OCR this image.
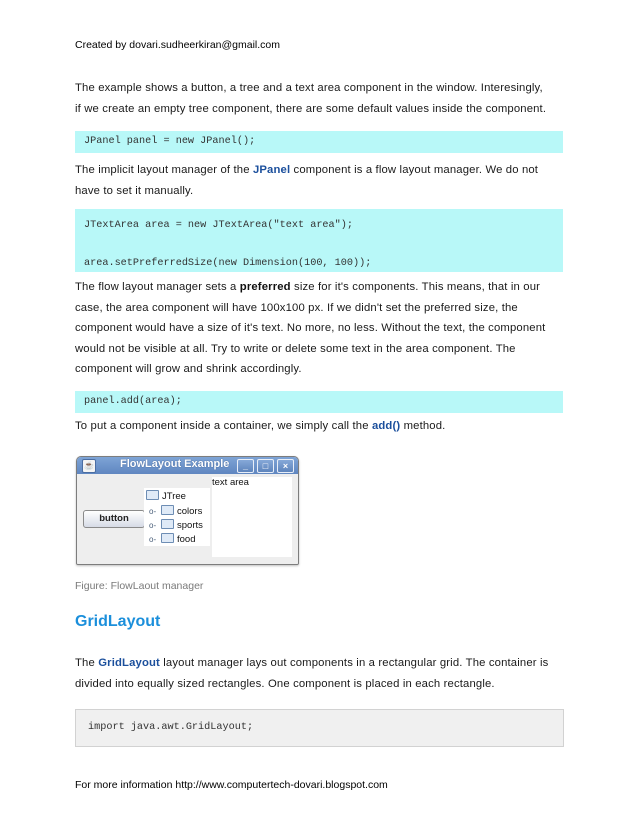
Created by dovari.sudheerkiran@gmail.com
The example shows a button, a tree and a text area component in the window. Interesingly,
if we create an empty tree component, there are some default values inside the component.
JPanel panel = new JPanel();
The implicit layout manager of the JPanel component is a flow layout manager. We do not
have to set it manually.
JTextArea area = new JTextArea("text area");
area.setPreferredSize(new Dimension(100, 100));
The flow layout manager sets a preferred size for it's components. This means, that in our
case, the area component will have 100x100 px. If we didn't set the preferred size, the
component would have a size of it's text. No more, no less. Without the text, the component
would not be visible at all. Try to write or delete some text in the area component. The
component will grow and shrink accordingly.
panel.add(area);
To put a component inside a container, we simply call the add() method.
☕ FlowLayout Example	_	□	×
button
JTree
o- colors
o- sports
o- food
text area
Figure: FlowLaout manager
GridLayout
The GridLayout layout manager lays out components in a rectangular grid. The container is
divided into equally sized rectangles. One component is placed in each rectangle.
import java.awt.GridLayout;
For more information http://www.computertech-dovari.blogspot.com
